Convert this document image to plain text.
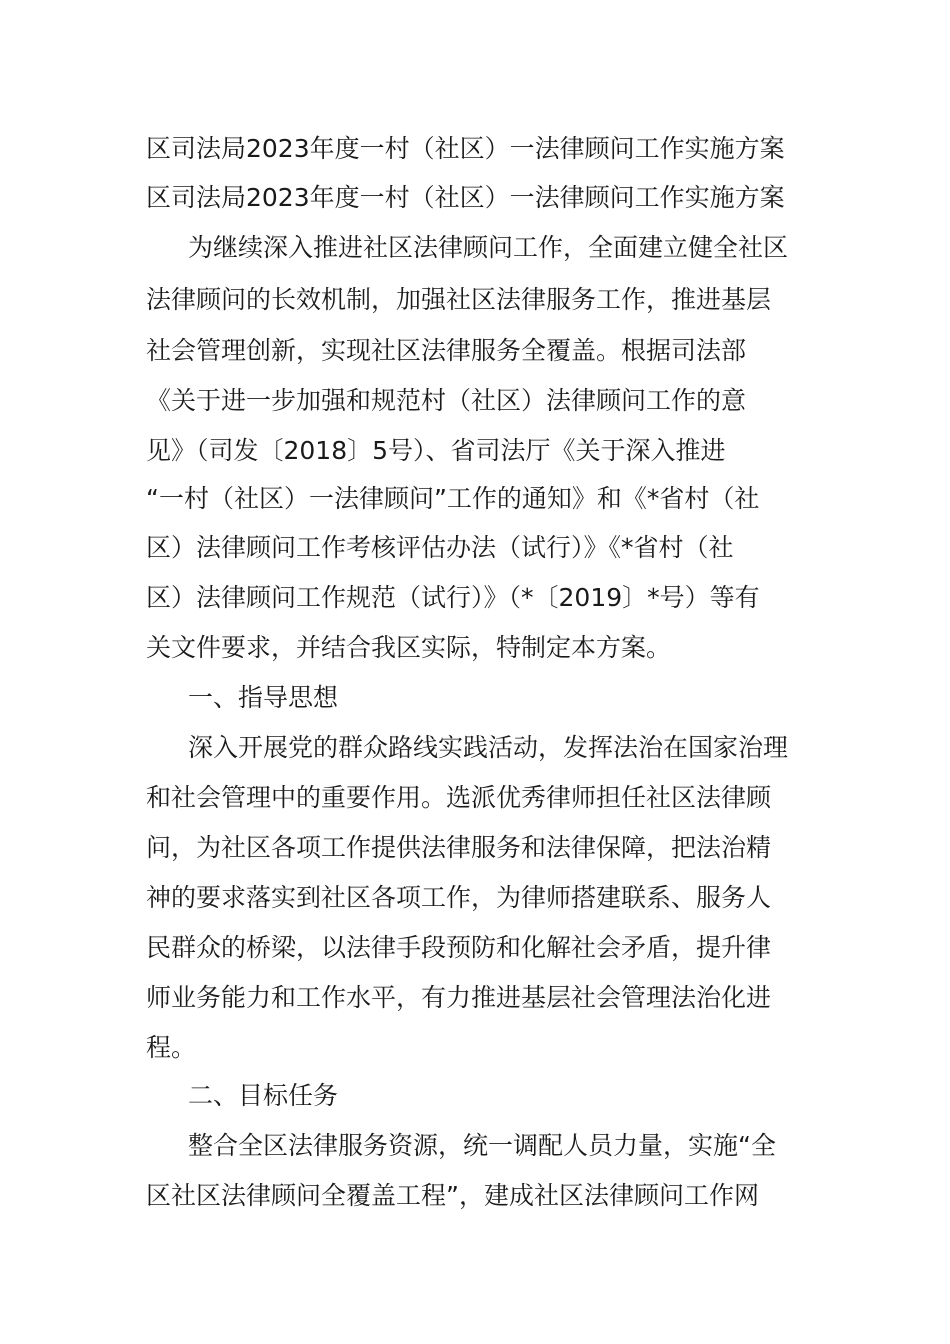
区司法局2023年度一村（社区）一法律顾问工作实施方案

区司法局2023年度一村（社区）一法律顾问工作实施方案

为继续深入推进社区法律顾问工作，全面建立健全社区

法律顾问的长效机制，加强社区法律服务工作，推进基层

社会管理创新，实现社区法律服务全覆盖。根据司法部

《关于进一步加强和规范村（社区）法律顾问工作的意

见》（司发〔2018〕5号）、省司法厅《关于深入推进

“一村（社区）一法律顾问”工作的通知》和《*省村（社

区）法律顾问工作考核评估办法（试行）》《*省村（社

区）法律顾问工作规范（试行）》（*〔2019〕*号）等有

关文件要求，并结合我区实际，特制定本方案。

一、指导思想

深入开展党的群众路线实践活动，发挥法治在国家治理

和社会管理中的重要作用。选派优秀律师担任社区法律顾

问，为社区各项工作提供法律服务和法律保障，把法治精

神的要求落实到社区各项工作，为律师搭建联系、服务人

民群众的桥梁，以法律手段预防和化解社会矛盾，提升律

师业务能力和工作水平，有力推进基层社会管理法治化进

程。

二、目标任务

整合全区法律服务资源，统一调配人员力量，实施“全

区社区法律顾问全覆盖工程”，建成社区法律顾问工作网
